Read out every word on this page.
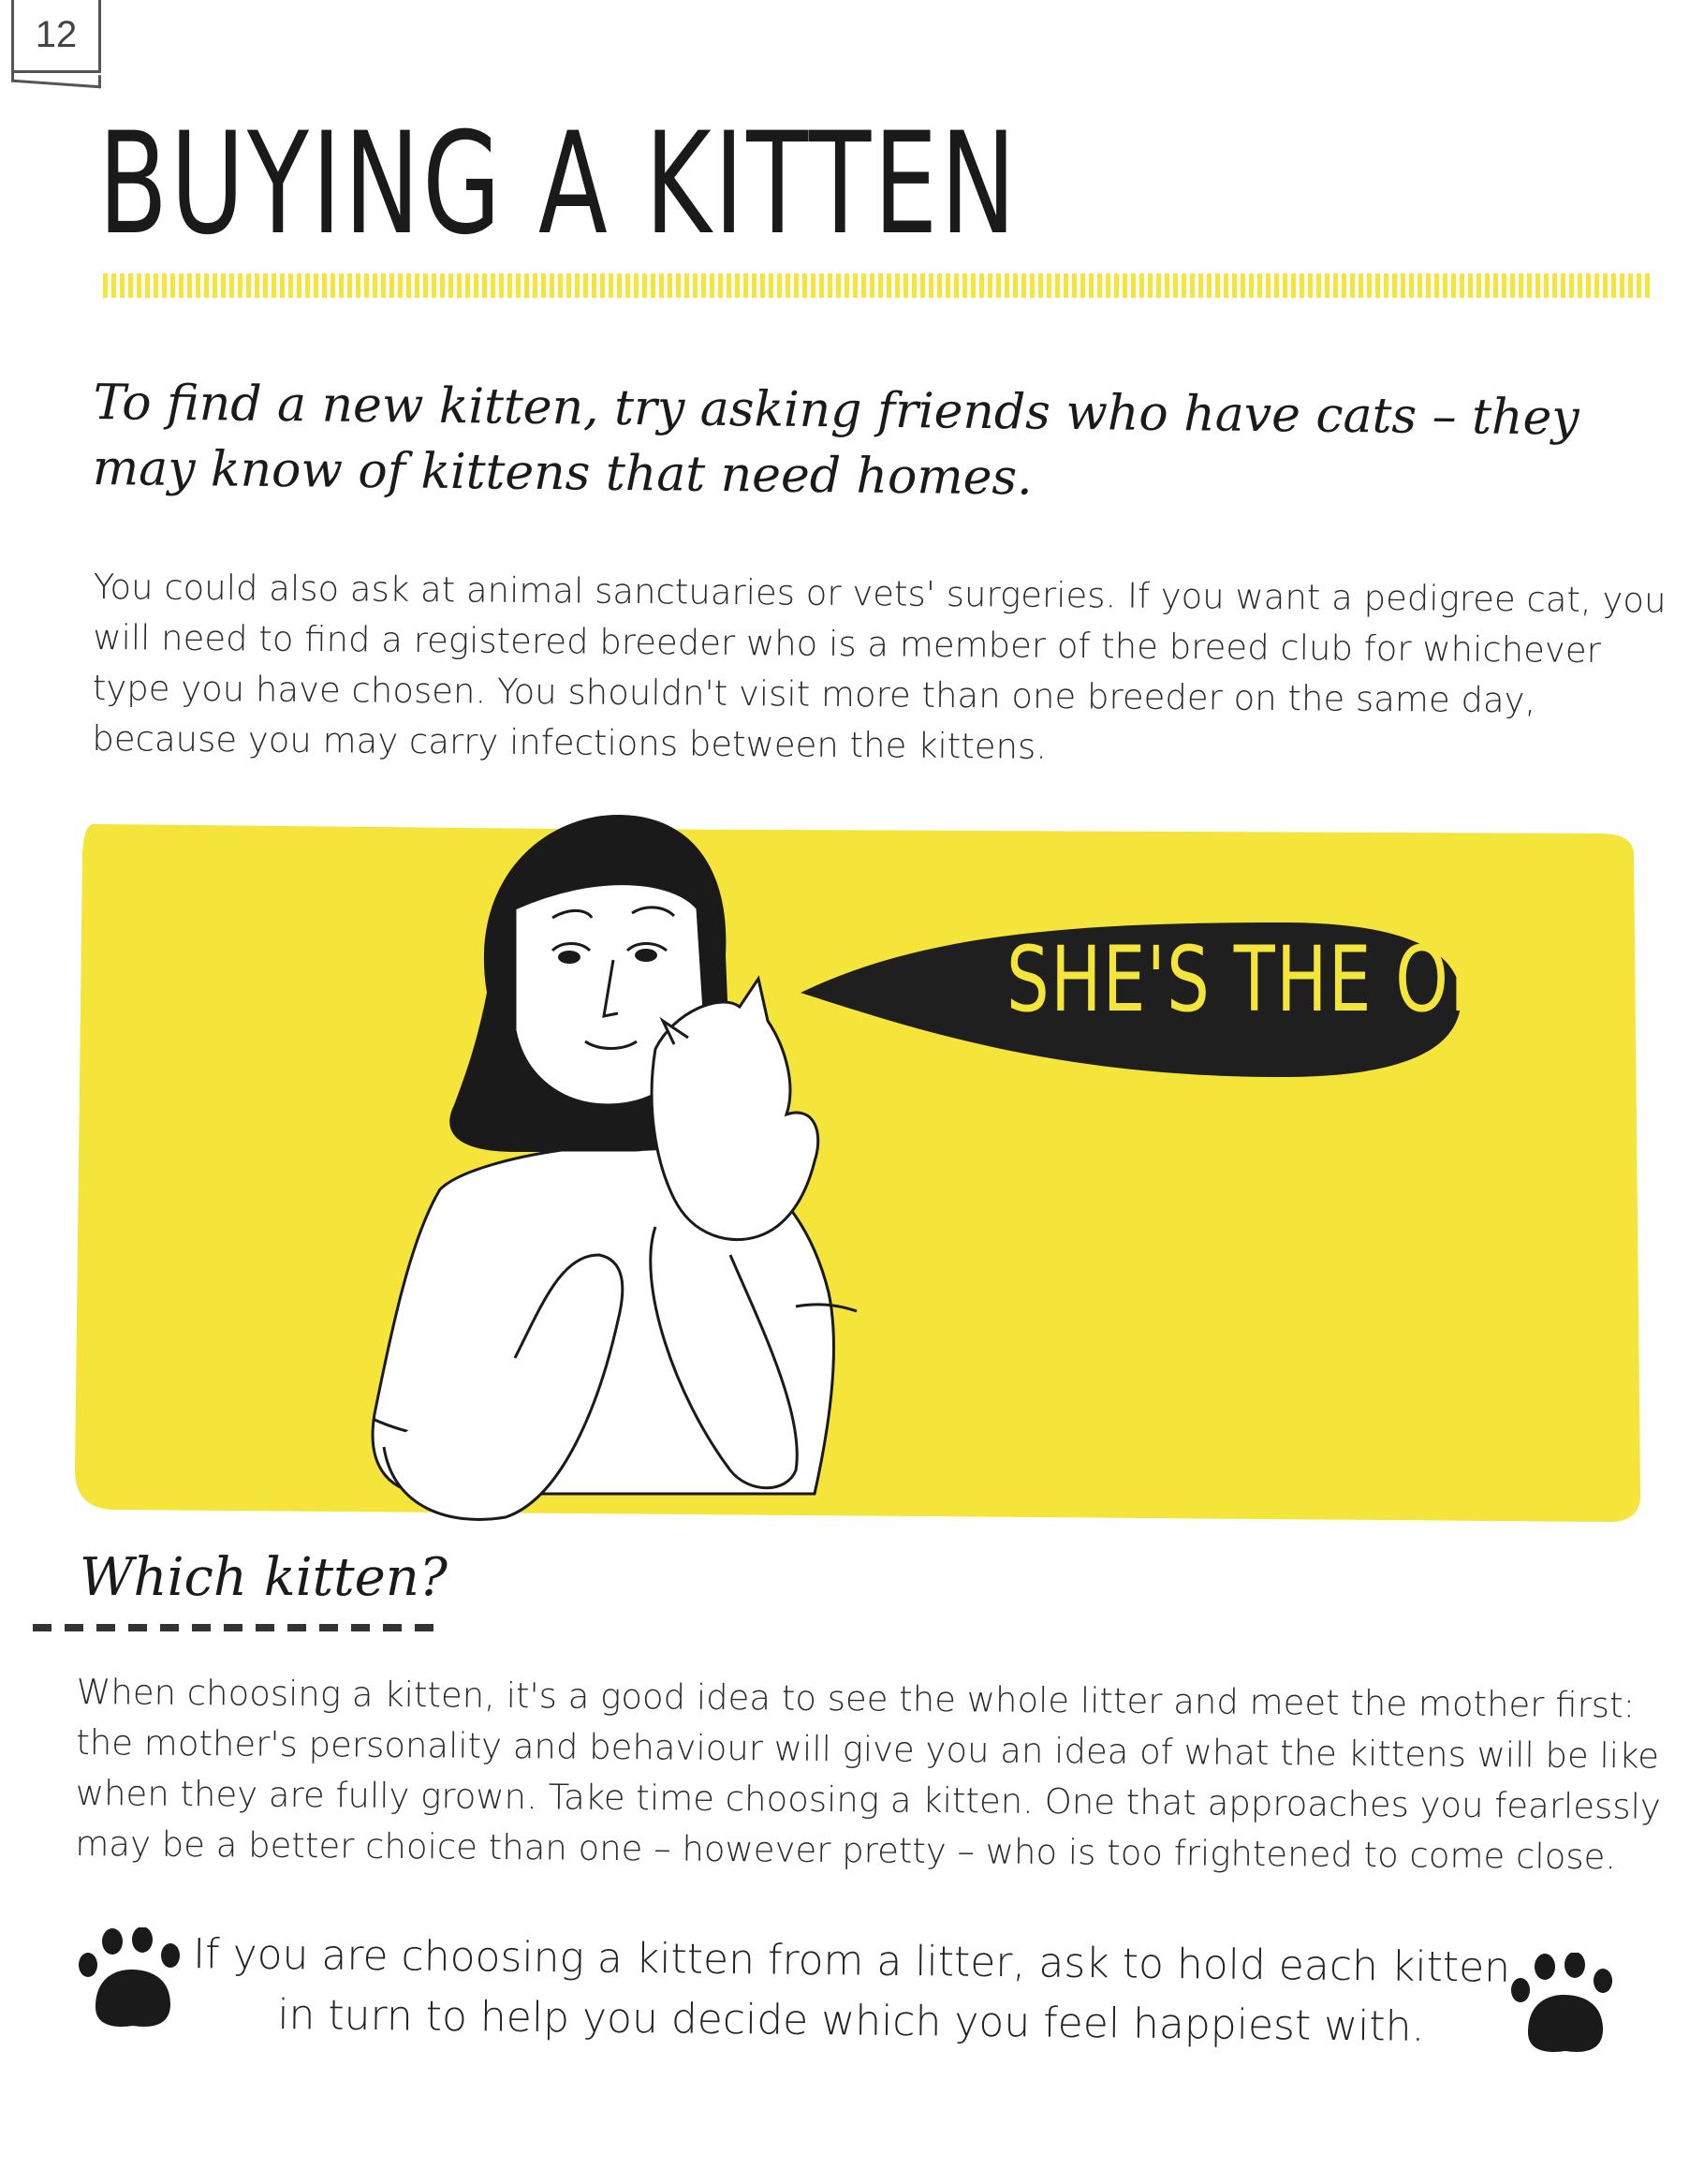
12
BUYING A KITTEN

To find a new kitten, try asking friends who have cats – they may know of kittens that need homes.

You could also ask at animal sanctuaries or vets' surgeries. If you want a pedigree cat, you will need to find a registered breeder who is a member of the breed club for whichever type you have chosen. You shouldn't visit more than one breeder on the same day, because you may carry infections between the kittens.

SHE'S THE ONE
Which kitten?

When choosing a kitten, it's a good idea to see the whole litter and meet the mother first: the mother's personality and behaviour will give you an idea of what the kittens will be like when they are fully grown. Take time choosing a kitten. One that approaches you fearlessly may be a better choice than one – however pretty – who is too frightened to come close.

If you are choosing a kitten from a litter, ask to hold each kitten in turn to help you decide which you feel happiest with.
